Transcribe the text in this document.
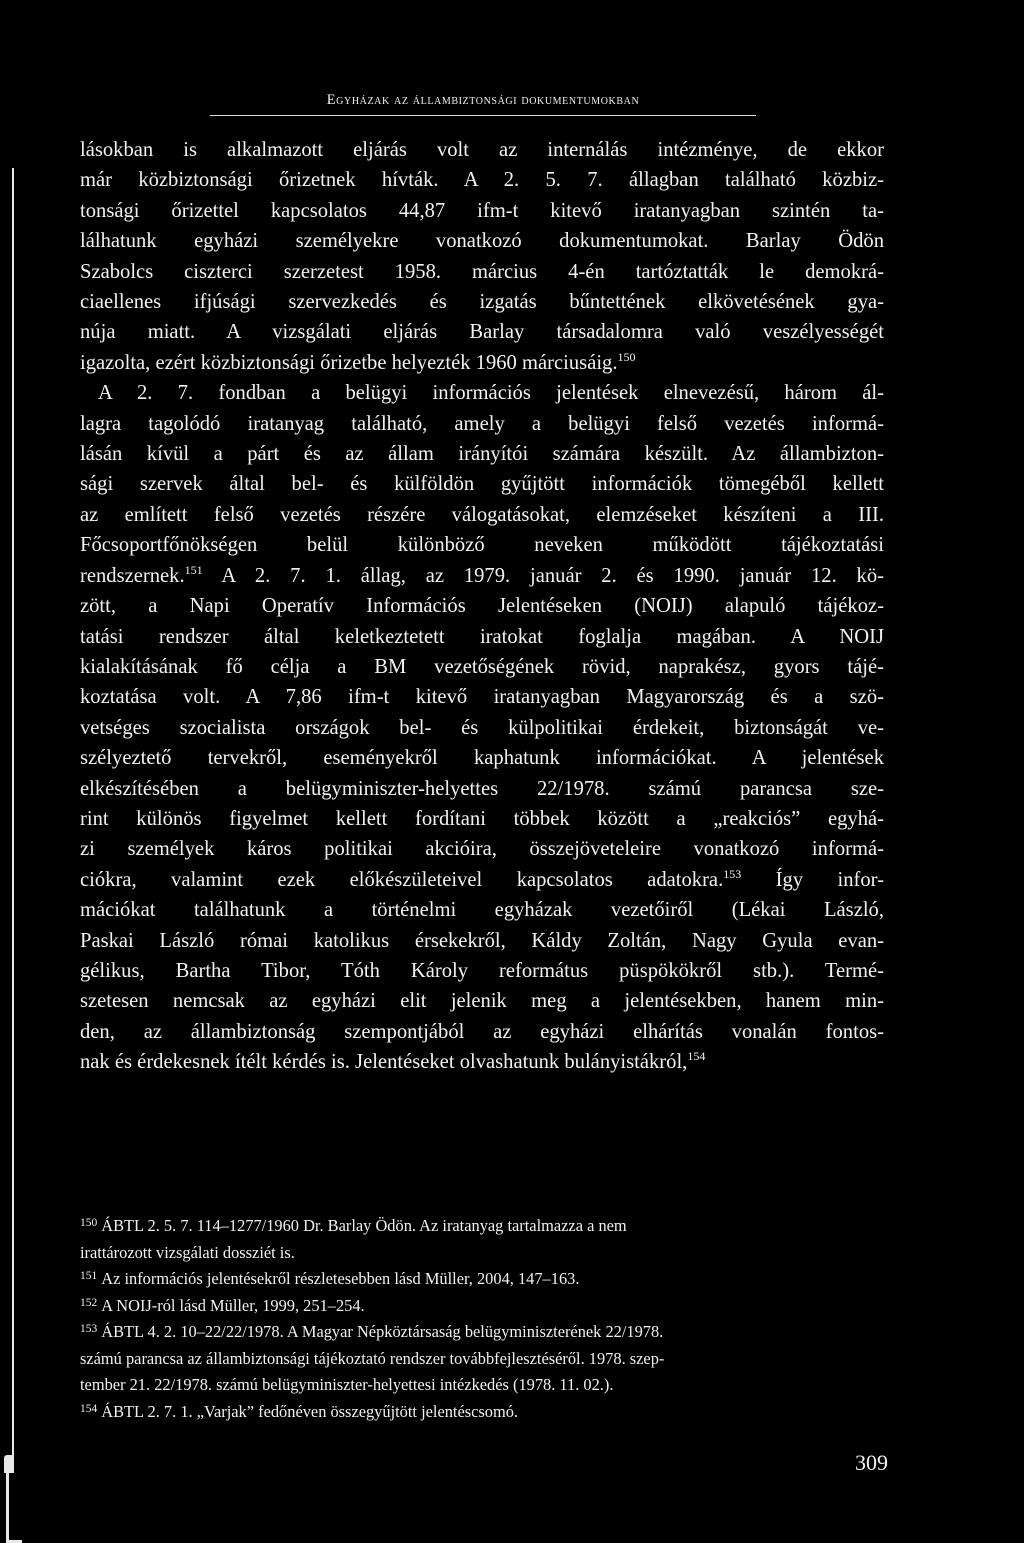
Egyházak az állambiztonsági dokumentumokban
lásokban is alkalmazott eljárás volt az internálás intézménye, de ekkor
már közbiztonsági őrizetnek hívták. A 2. 5. 7. állagban található közbiz-
tonsági őrizettel kapcsolatos 44,87 ifm-t kitevő iratanyagban szintén ta-
lálhatunk egyházi személyekre vonatkozó dokumentumokat. Barlay Ödön
Szabolcs ciszterci szerzetest 1958. március 4-én tartóztatták le demokrá-
ciaellenes ifjúsági szervezkedés és izgatás bűntettének elkövetésének gya-
núja miatt. A vizsgálati eljárás Barlay társadalomra való veszélyességét
igazolta, ezért közbiztonsági őrizetbe helyezték 1960 márciusáig.$^{150}$
A 2. 7. fondban a belügyi információs jelentések elnevezésű, három ál-
lagra tagolódó iratanyag található, amely a belügyi felső vezetés informá-
lásán kívül a párt és az állam irányítói számára készült. Az állambizton-
sági szervek által bel- és külföldön gyűjtött információk tömegéből kellett
az említett felső vezetés részére válogatásokat, elemzéseket készíteni a III.
Főcsoportfőnökségen belül különböző neveken működött tájékoztatási
rendszernek.$^{151}$ A 2. 7. 1. állag, az 1979. január 2. és 1990. január 12. kö-
zött, a Napi Operatív Információs Jelentéseken (NOIJ) alapuló tájékoz-
tatási rendszer által keletkeztetett iratokat foglalja magában. A NOIJ
kialakításának fő célja a BM vezetőségének rövid, naprakész, gyors tájé-
koztatása volt. A 7,86 ifm-t kitevő iratanyagban Magyarország és a szö-
vetséges szocialista országok bel- és külpolitikai érdekeit, biztonságát ve-
szélyeztető tervekről, eseményekről kaphatunk információkat. A jelentések
elkészítésében a belügyminiszter-helyettes 22/1978. számú parancsa sze-
rint különös figyelmet kellett fordítani többek között a „reakciós” egyhá-
zi személyek káros politikai akcióira, összejöveteleire vonatkozó informá-
ciókra, valamint ezek előkészületeivel kapcsolatos adatokra.$^{153}$ Így infor-
mációkat találhatunk a történelmi egyházak vezetőiről (Lékai László,
Paskai László római katolikus érsekekről, Káldy Zoltán, Nagy Gyula evan-
gélikus, Bartha Tibor, Tóth Károly református püspökökről stb.). Termé-
szetesen nemcsak az egyházi elit jelenik meg a jelentésekben, hanem min-
den, az állambiztonság szempontjából az egyházi elhárítás vonalán fontos-
nak és érdekesnek ítélt kérdés is. Jelentéseket olvashatunk bulányistákról,$^{154}$
$^{150}$ ÁBTL 2. 5. 7. 114–1277/1960 Dr. Barlay Ödön. Az iratanyag tartalmazza a nem
irattározott vizsgálati dossziét is.
$^{151}$ Az információs jelentésekről részletesebben lásd Müller, 2004, 147–163.
$^{152}$ A NOIJ-ról lásd Müller, 1999, 251–254.
$^{153}$ ÁBTL 4. 2. 10–22/22/1978. A Magyar Népköztársaság belügyminiszterének 22/1978.
számú parancsa az állambiztonsági tájékoztató rendszer továbbfejlesztéséről. 1978. szep-
tember 21. 22/1978. számú belügyminiszter-helyettesi intézkedés (1978. 11. 02.).
$^{154}$ ÁBTL 2. 7. 1. „Varjak” fedőnéven összegyűjtött jelentéscsomó.
309
